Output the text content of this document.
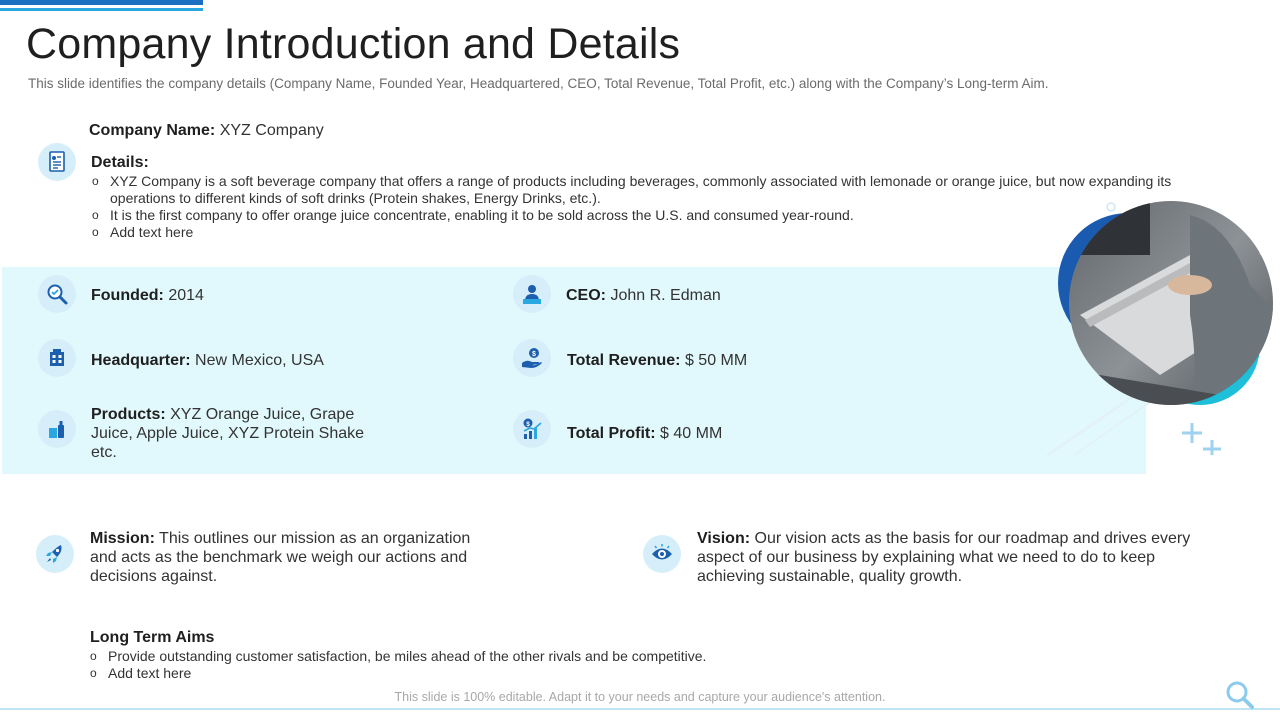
Company Introduction and Details
This slide identifies the company details (Company Name, Founded Year, Headquartered, CEO, Total Revenue, Total Profit, etc.) along with the Company’s Long-term Aim.
Company Name: XYZ Company
Details:
o XYZ Company is a soft beverage company that offers a range of products including beverages, commonly associated with lemonade or orange juice, but now expanding its operations to different kinds of soft drinks (Protein shakes, Energy Drinks, etc.).
o It is the first company to offer orange juice concentrate, enabling it to be sold across the U.S. and consumed year-round.
o Add text here
Founded: 2014
Headquarter: New Mexico, USA
Products: XYZ Orange Juice, Grape Juice, Apple Juice, XYZ Protein Shake etc.
CEO: John R. Edman
$ Total Revenue: $ 50 MM
$
Total Profit: $ 40 MM
Mission: This outlines our mission as an organization and acts as the benchmark we weigh our actions and decisions against.
Vision: Our vision acts as the basis for our roadmap and drives every aspect of our business by explaining what we need to do to keep achieving sustainable, quality growth.
Long Term Aims
o Provide outstanding customer satisfaction, be miles ahead of the other rivals and be competitive.
o Add text here
This slide is 100% editable. Adapt it to your needs and capture your audience's attention.
